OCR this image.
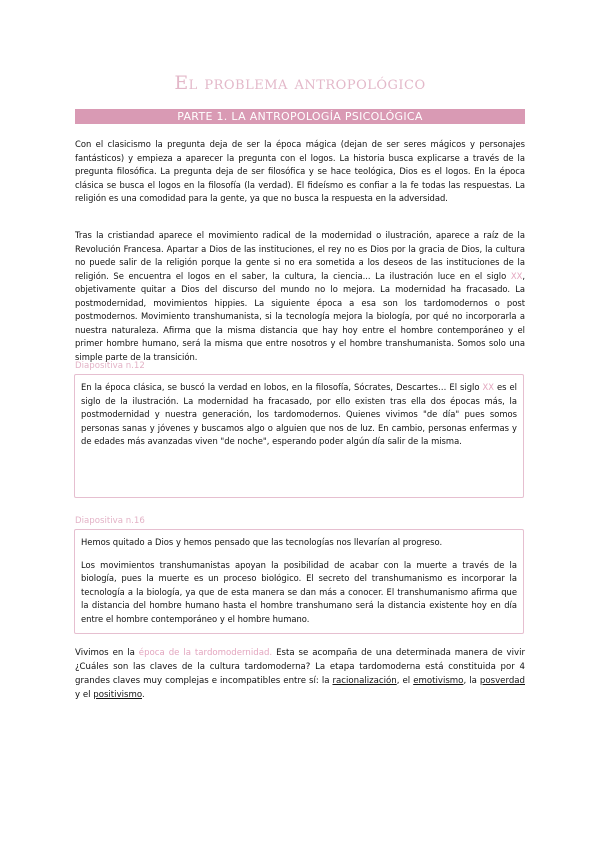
El problema antropológico
PARTE 1. LA ANTROPOLOGÍA PSICOLÓGICA
Con el clasicismo la pregunta deja de ser la época mágica (dejan de ser seres mágicos y personajes fantásticos) y empieza a aparecer la pregunta con el logos. La historia busca explicarse a través de la pregunta filosófica. La pregunta deja de ser filosófica y se hace teológica, Dios es el logos. En la época clásica se busca el logos en la filosofía (la verdad). El fideísmo es confiar a la fe todas las respuestas. La religión es una comodidad para la gente, ya que no busca la respuesta en la adversidad.
Tras la cristiandad aparece el movimiento radical de la modernidad o ilustración, aparece a raíz de la Revolución Francesa. Apartar a Dios de las instituciones, el rey no es Dios por la gracia de Dios, la cultura no puede salir de la religión porque la gente si no era sometida a los deseos de las instituciones de la religión. Se encuentra el logos en el saber, la cultura, la ciencia... La ilustración luce en el siglo XX, objetivamente quitar a Dios del discurso del mundo no lo mejora. La modernidad ha fracasado. La postmodernidad, movimientos hippies. La siguiente época a esa son los tardomodernos o post postmodernos. Movimiento transhumanista, si la tecnología mejora la biología, por qué no incorporarla a nuestra naturaleza. Afirma que la misma distancia que hay hoy entre el hombre contemporáneo y el primer hombre humano, será la misma que entre nosotros y el hombre transhumanista. Somos solo una simple parte de la transición.
Diapositiva n.12
En la época clásica, se buscó la verdad en lobos, en la filosofía, Sócrates, Descartes… El siglo XX es el siglo de la ilustración. La modernidad ha fracasado, por ello existen tras ella dos épocas más, la postmodernidad y nuestra generación, los tardomodernos. Quienes vivimos "de día" pues somos personas sanas y jóvenes y buscamos algo o alguien que nos de luz. En cambio, personas enfermas y de edades más avanzadas viven "de noche", esperando poder algún día salir de la misma.
Diapositiva n.16

Hemos quitado a Dios y hemos pensado que las tecnologías nos llevarían al progreso.

Los movimientos transhumanistas apoyan la posibilidad de acabar con la muerte a través de la biología, pues la muerte es un proceso biológico. El secreto del transhumanismo es incorporar la tecnología a la biología, ya que de esta manera se dan más a conocer. El transhumanismo afirma que la distancia del hombre humano hasta el hombre transhumano será la distancia existente hoy en día entre el hombre contemporáneo y el hombre humano.

Vivimos en la época de la tardomodernidad. Esta se acompaña de una determinada manera de vivir ¿Cuáles son las claves de la cultura tardomoderna? La etapa tardomoderna está constituida por 4 grandes claves muy complejas e incompatibles entre sí: la racionalización, el emotivismo, la posverdad y el positivismo.
